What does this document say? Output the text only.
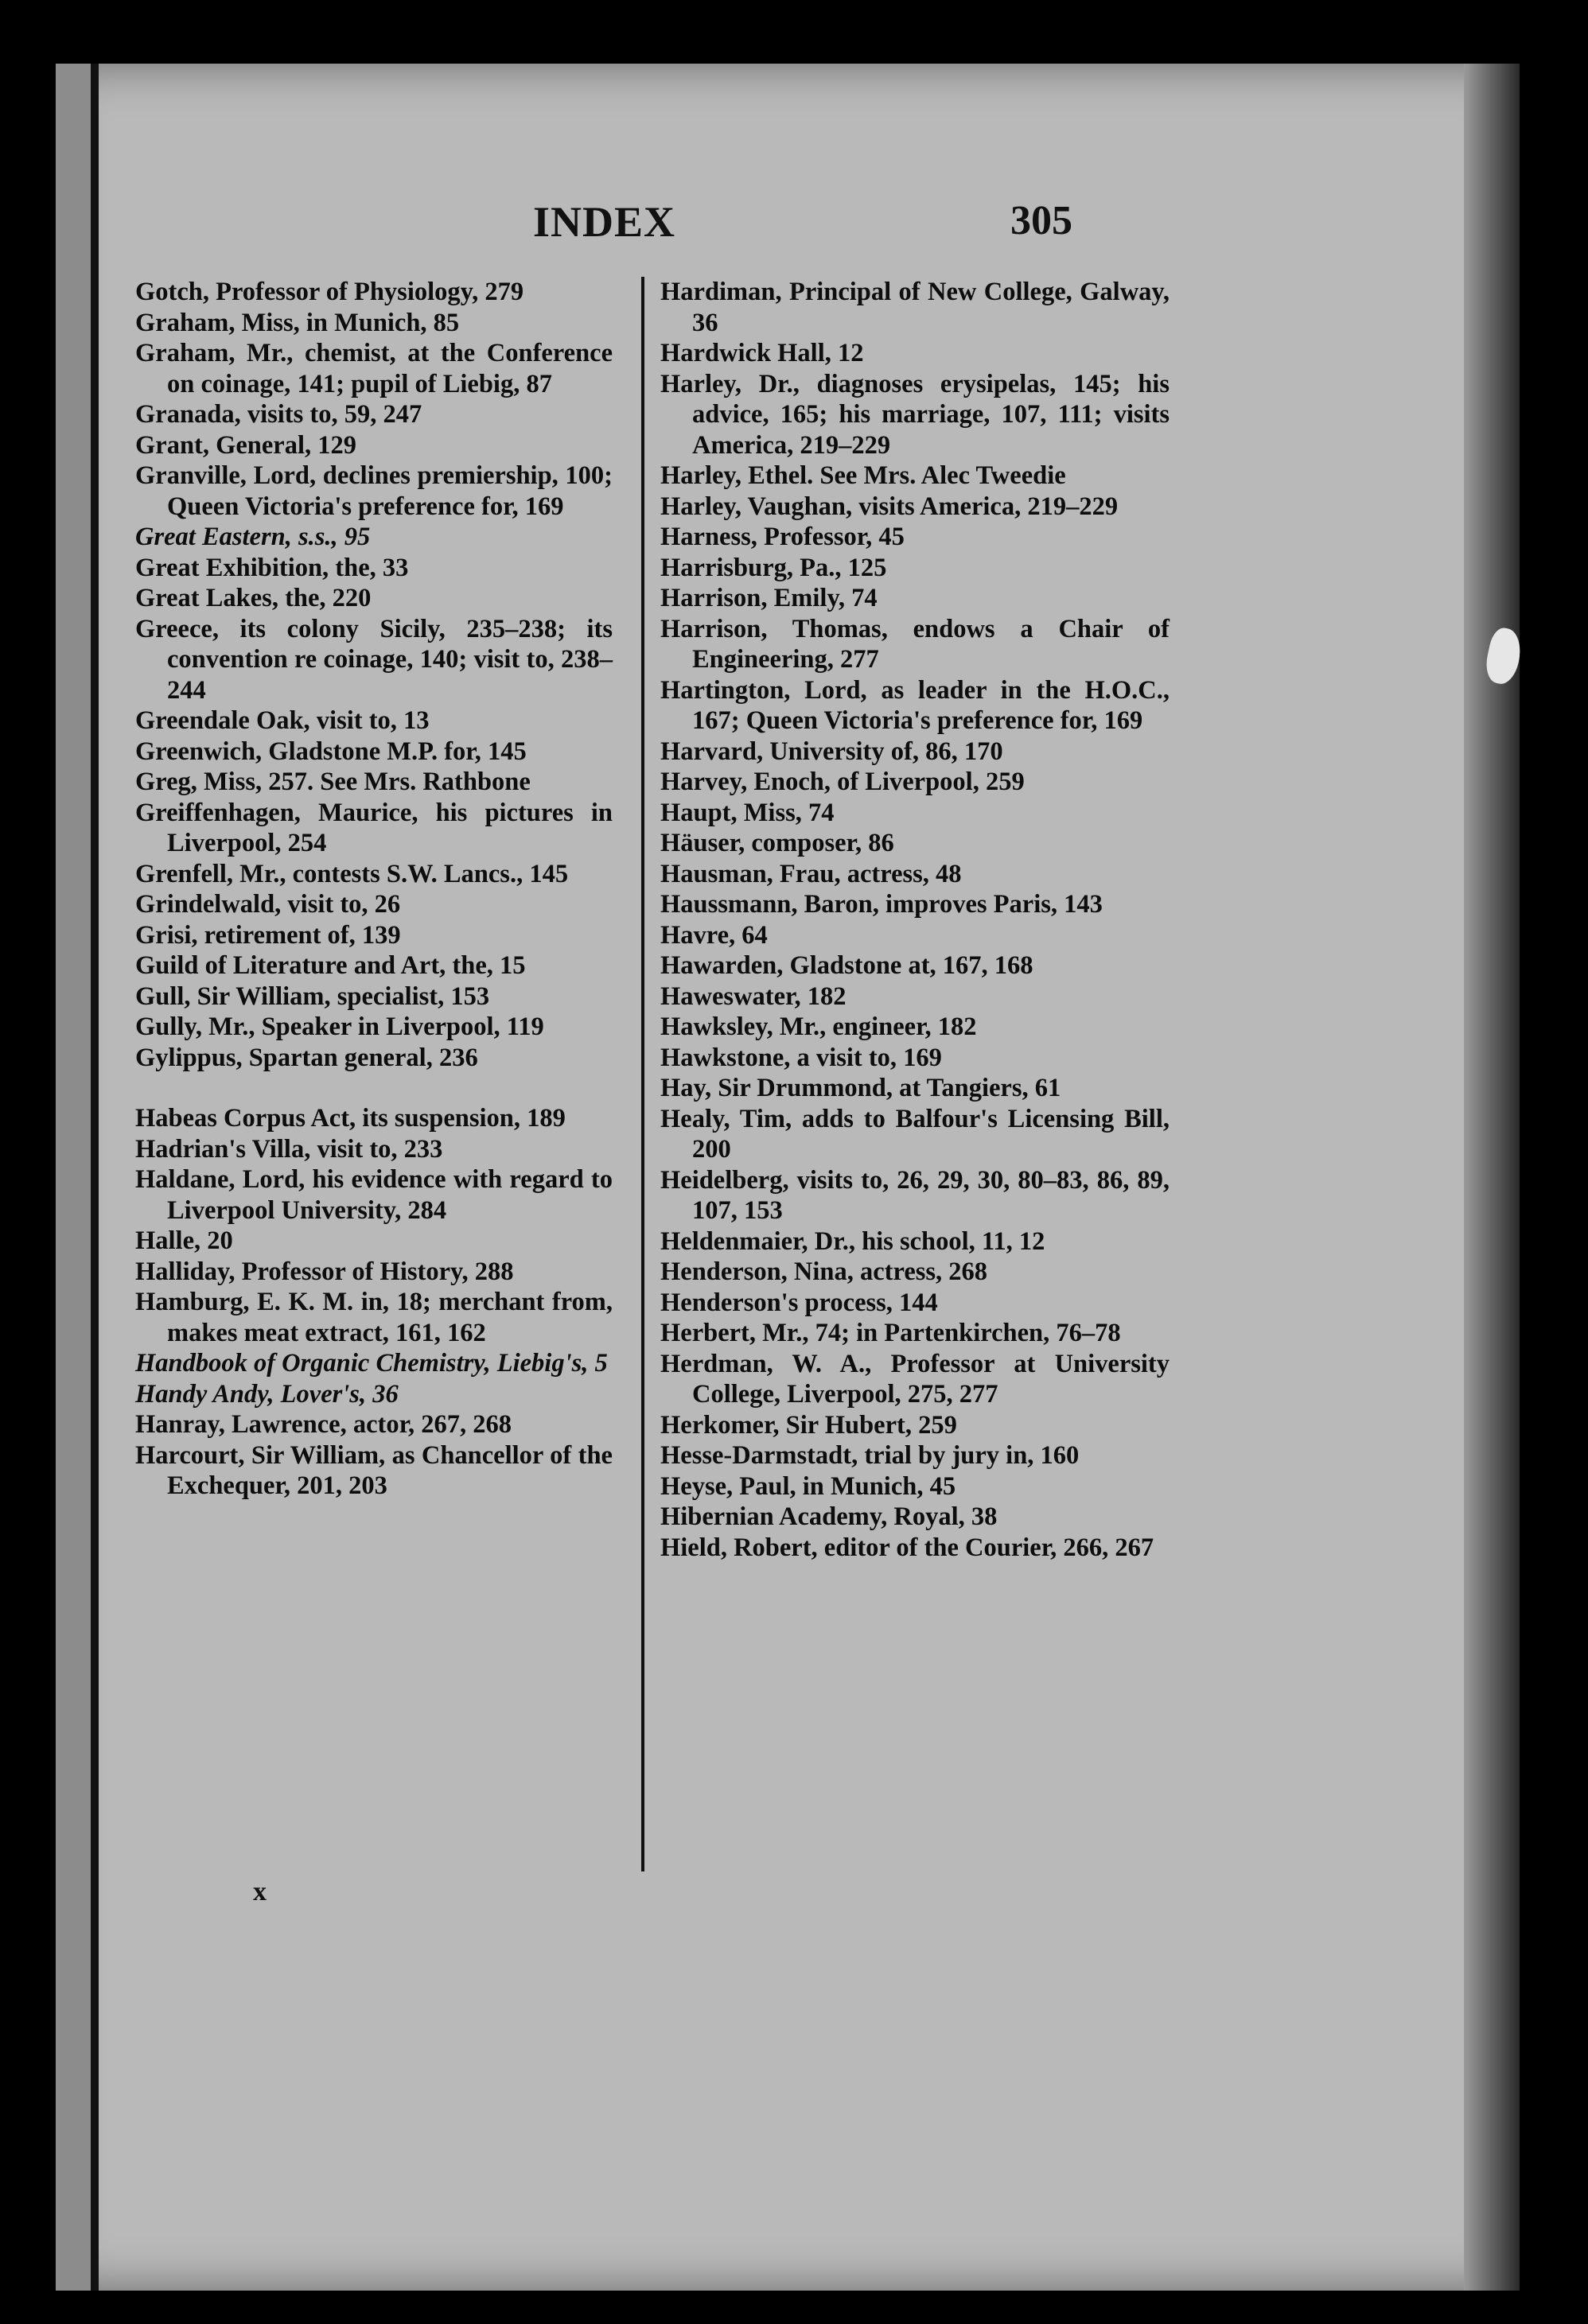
INDEX	305
Gotch, Professor of Physiology, 279
Graham, Miss, in Munich, 85
Graham, Mr., chemist, at the Conference on coinage, 141; pupil of Liebig, 87
Granada, visits to, 59, 247
Grant, General, 129
Granville, Lord, declines premiership, 100; Queen Victoria's preference for, 169
Great Eastern, s.s., 95
Great Exhibition, the, 33
Great Lakes, the, 220
Greece, its colony Sicily, 235–238; its convention re coinage, 140; visit to, 238–244
Greendale Oak, visit to, 13
Greenwich, Gladstone M.P. for, 145
Greg, Miss, 257. See Mrs. Rathbone
Greiffenhagen, Maurice, his pictures in Liverpool, 254
Grenfell, Mr., contests S.W. Lancs., 145
Grindelwald, visit to, 26
Grisi, retirement of, 139
Guild of Literature and Art, the, 15
Gull, Sir William, specialist, 153
Gully, Mr., Speaker in Liverpool, 119
Gylippus, Spartan general, 236
Habeas Corpus Act, its suspension, 189
Hadrian's Villa, visit to, 233
Haldane, Lord, his evidence with regard to Liverpool University, 284
Halle, 20
Halliday, Professor of History, 288
Hamburg, E. K. M. in, 18; merchant from, makes meat extract, 161, 162
Handbook of Organic Chemistry, Liebig's, 5
Handy Andy, Lover's, 36
Hanray, Lawrence, actor, 267, 268
Harcourt, Sir William, as Chancellor of the Exchequer, 201, 203
Hardiman, Principal of New College, Galway, 36
Hardwick Hall, 12
Harley, Dr., diagnoses erysipelas, 145; his advice, 165; his marriage, 107, 111; visits America, 219–229
Harley, Ethel. See Mrs. Alec Tweedie
Harley, Vaughan, visits America, 219–229
Harness, Professor, 45
Harrisburg, Pa., 125
Harrison, Emily, 74
Harrison, Thomas, endows a Chair of Engineering, 277
Hartington, Lord, as leader in the H.O.C., 167; Queen Victoria's preference for, 169
Harvard, University of, 86, 170
Harvey, Enoch, of Liverpool, 259
Haupt, Miss, 74
Häuser, composer, 86
Hausman, Frau, actress, 48
Haussmann, Baron, improves Paris, 143
Havre, 64
Hawarden, Gladstone at, 167, 168
Haweswater, 182
Hawksley, Mr., engineer, 182
Hawkstone, a visit to, 169
Hay, Sir Drummond, at Tangiers, 61
Healy, Tim, adds to Balfour's Licensing Bill, 200
Heidelberg, visits to, 26, 29, 30, 80–83, 86, 89, 107, 153
Heldenmaier, Dr., his school, 11, 12
Henderson, Nina, actress, 268
Henderson's process, 144
Herbert, Mr., 74; in Partenkirchen, 76–78
Herdman, W. A., Professor at University College, Liverpool, 275, 277
Herkomer, Sir Hubert, 259
Hesse-Darmstadt, trial by jury in, 160
Heyse, Paul, in Munich, 45
Hibernian Academy, Royal, 38
Hield, Robert, editor of the Courier, 266, 267
x
